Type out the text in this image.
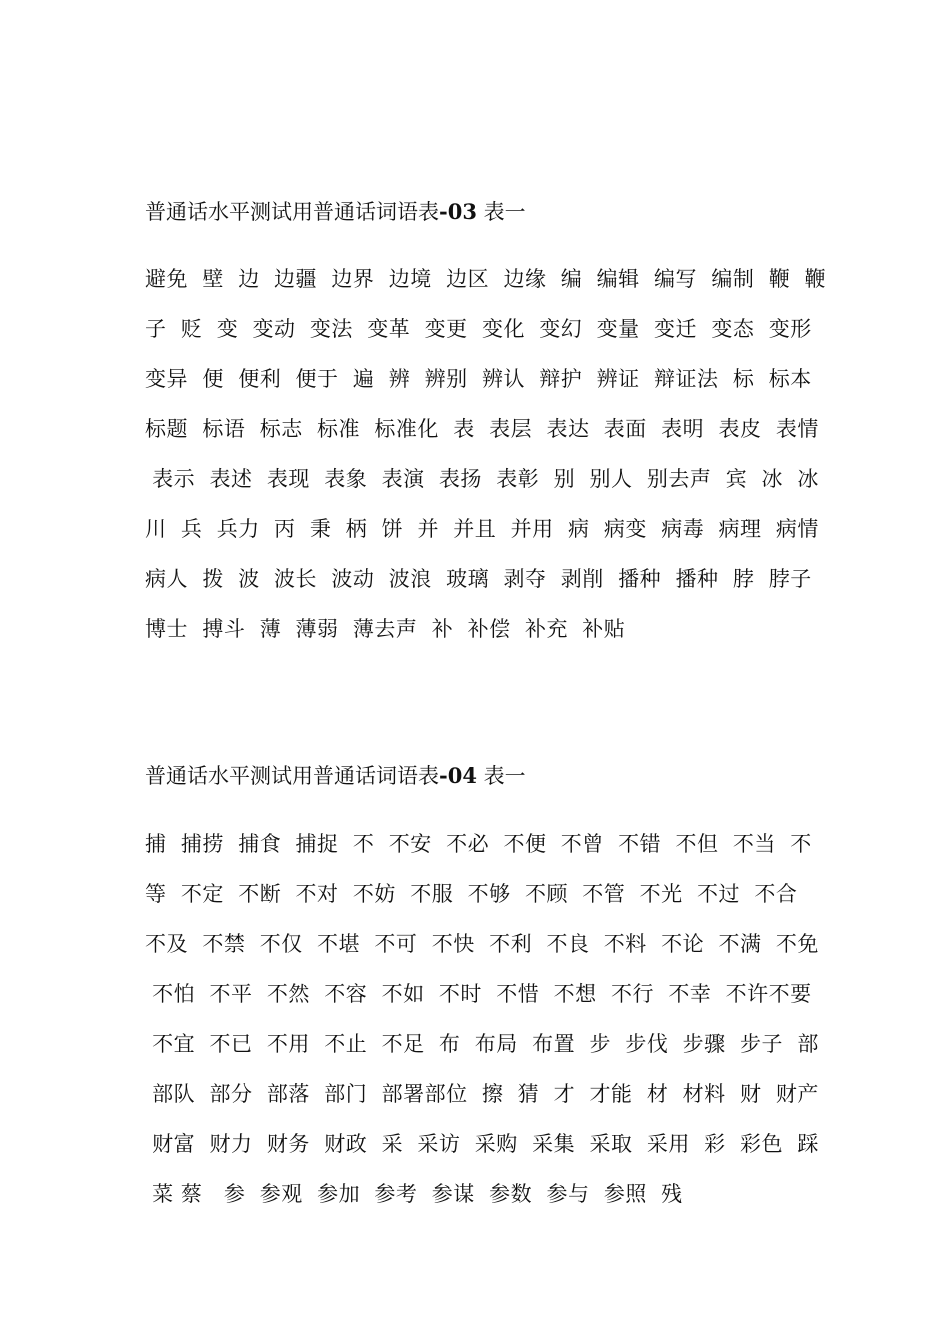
普通话水平测试用普通话词语表-03 表一
避免  壁  边  边疆  边界  边境  边区  边缘  编  编辑  编写  编制  鞭  鞭
子  贬  变  变动  变法  变革  变更  变化  变幻  变量  变迁  变态  变形
变异  便  便利  便于  遍  辨  辨别  辨认  辩护  辨证  辩证法  标  标本
标题  标语  标志  标准  标准化  表  表层  表达  表面  表明  表皮  表情
表示  表述  表现  表象  表演  表扬  表彰  别  别人  别去声  宾  冰  冰
川  兵  兵力  丙  秉  柄  饼  并  并且  并用  病  病变  病毒  病理  病情
病人  拨  波  波长  波动  波浪  玻璃  剥夺  剥削  播种  播种  脖  脖子
博士  搏斗  薄  薄弱  薄去声  补  补偿  补充  补贴
普通话水平测试用普通话词语表-04 表一
捕  捕捞  捕食  捕捉  不  不安  不必  不便  不曾  不错  不但  不当  不
等  不定  不断  不对  不妨  不服  不够  不顾  不管  不光  不过  不合
不及  不禁  不仅  不堪  不可  不快  不利  不良  不料  不论  不满  不免
不怕  不平  不然  不容  不如  不时  不惜  不想  不行  不幸  不许不要
不宜  不已  不用  不止  不足  布  布局  布置  步  步伐  步骤  步子  部
部队  部分  部落  部门  部署部位  擦  猜  才  才能  材  材料  财  财产
财富  财力  财务  财政  采  采访  采购  采集  采取  采用  彩  彩色  踩
菜 蔡   参  参观  参加  参考  参谋  参数  参与  参照  残
